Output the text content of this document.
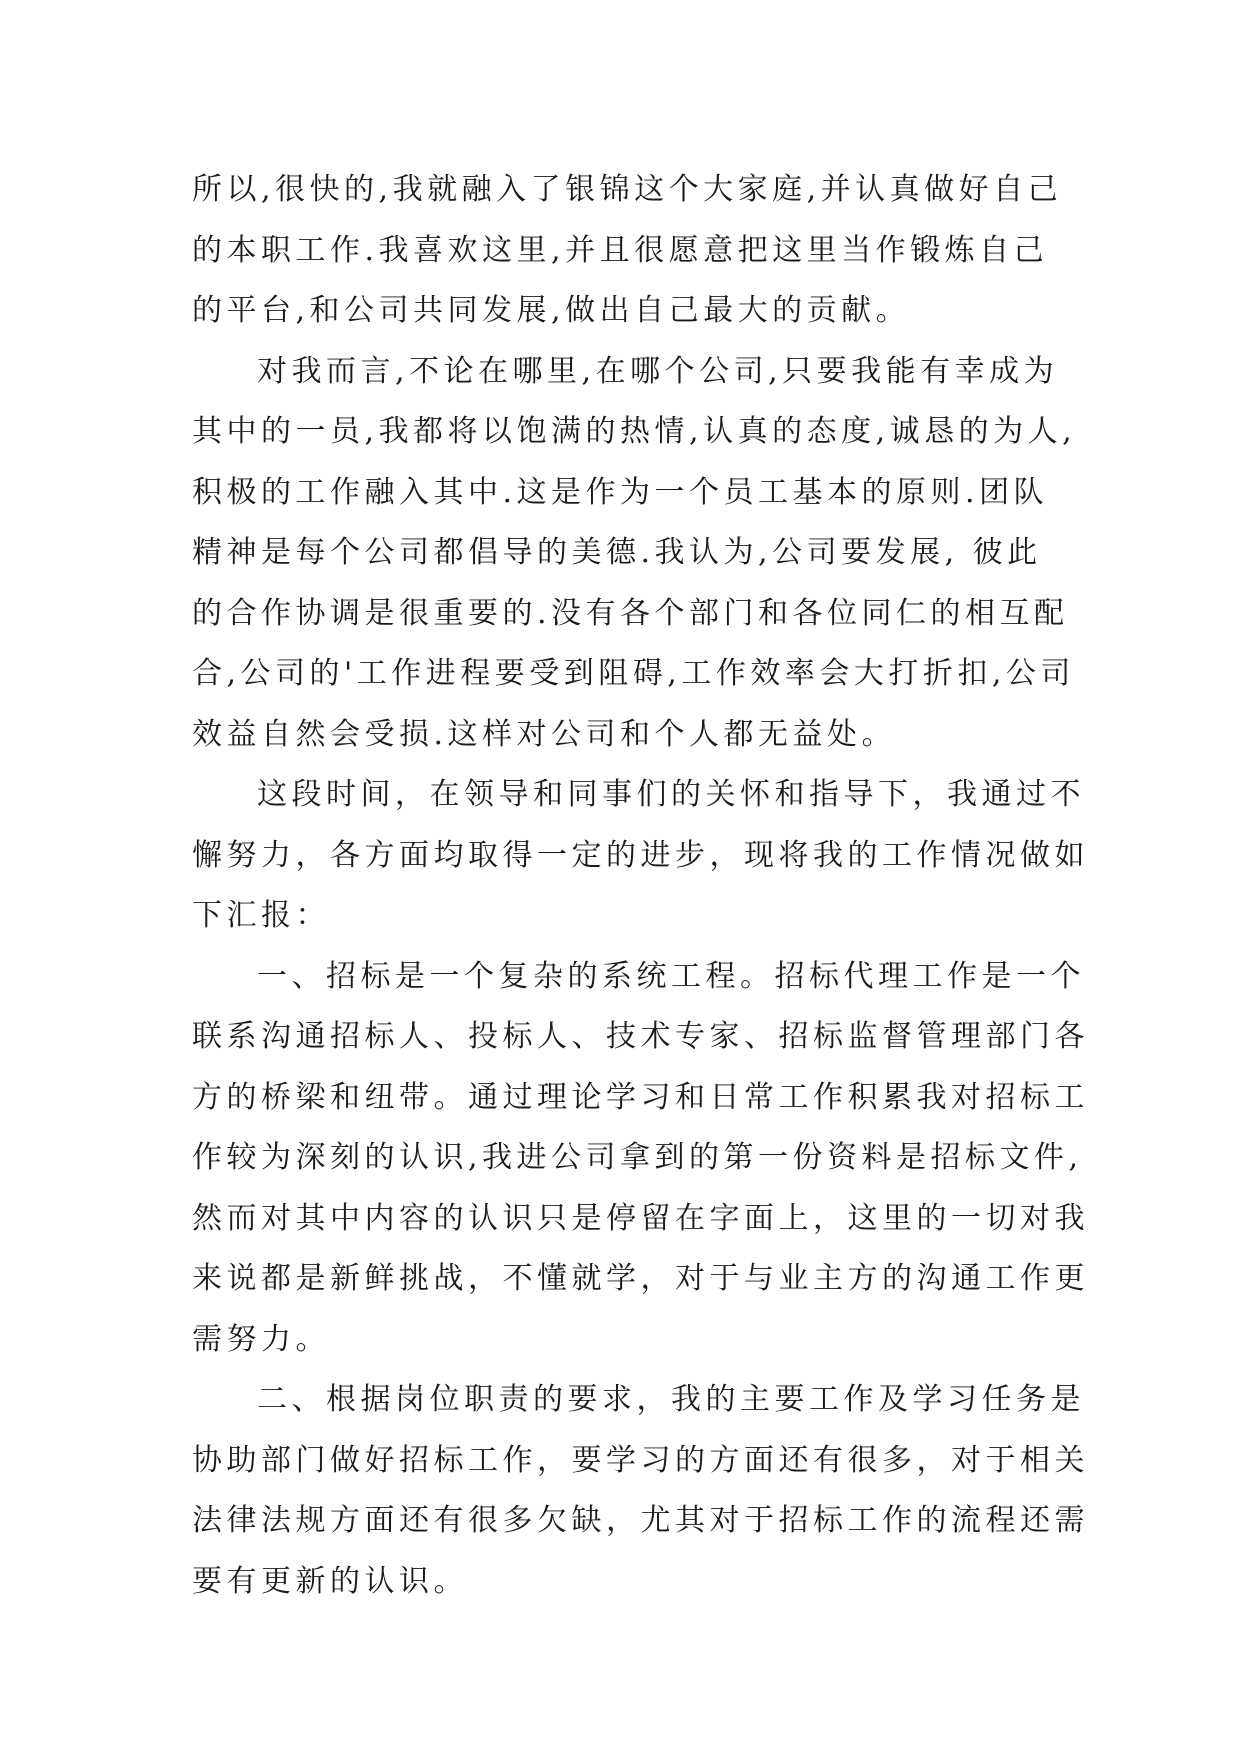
所以,很快的,我就融入了银锦这个大家庭,并认真做好自己
的本职工作.我喜欢这里,并且很愿意把这里当作锻炼自己
的平台,和公司共同发展,做出自己最大的贡献。
对我而言,不论在哪里,在哪个公司,只要我能有幸成为
其中的一员,我都将以饱满的热情,认真的态度,诚恳的为人,
积极的工作融入其中.这是作为一个员工基本的原则.团队
精神是每个公司都倡导的美德.我认为,公司要发展, 彼此
的合作协调是很重要的.没有各个部门和各位同仁的相互配
合,公司的'工作进程要受到阻碍,工作效率会大打折扣,公司
效益自然会受损.这样对公司和个人都无益处。
这段时间，在领导和同事们的关怀和指导下，我通过不
懈努力，各方面均取得一定的进步，现将我的工作情况做如
下汇报：
一、招标是一个复杂的系统工程。招标代理工作是一个
联系沟通招标人、投标人、技术专家、招标监督管理部门各
方的桥梁和纽带。通过理论学习和日常工作积累我对招标工
作较为深刻的认识,我进公司拿到的第一份资料是招标文件,
然而对其中内容的认识只是停留在字面上，这里的一切对我
来说都是新鲜挑战，不懂就学，对于与业主方的沟通工作更
需努力。
二、根据岗位职责的要求，我的主要工作及学习任务是
协助部门做好招标工作，要学习的方面还有很多，对于相关
法律法规方面还有很多欠缺，尤其对于招标工作的流程还需
要有更新的认识。
